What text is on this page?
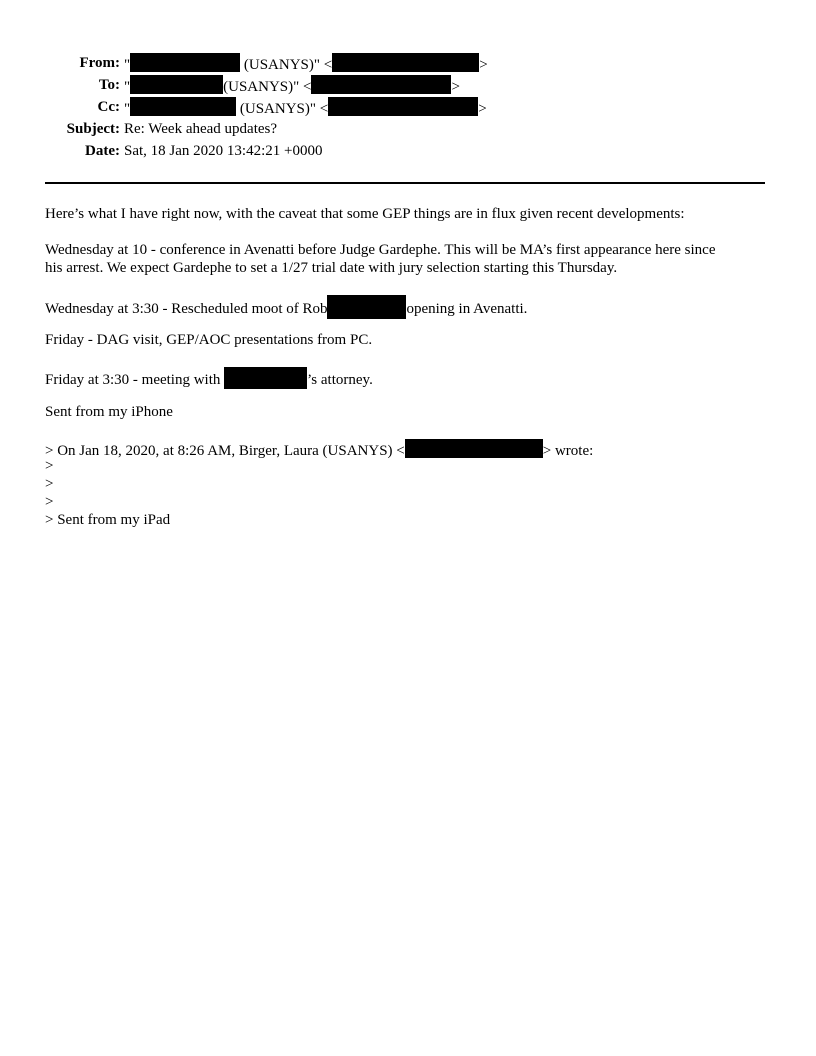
From: "	(USANYS)" <	>
To: "	(USANYS)" <	>
Cc: "	(USANYS)" <	>
Subject: Re: Week ahead updates?
Date: Sat, 18 Jan 2020 13:42:21 +0000
Here’s what I have right now, with the caveat that some GEP things are in flux given recent developments:
Wednesday at 10 - conference in Avenatti before Judge Gardephe. This will be MA’s first appearance here since
his arrest. We expect Gardephe to set a 1/27 trial date with jury selection starting this Thursday.
Wednesday at 3:30 - Rescheduled moot of Rob	opening in Avenatti.
Friday - DAG visit, GEP/AOC presentations from PC.
Friday at 3:30 - meeting with	’s attorney.
Sent from my iPhone
> On Jan 18, 2020, at 8:26 AM, Birger, Laura (USANYS) <	> wrote:
>
>
>
> Sent from my iPad
